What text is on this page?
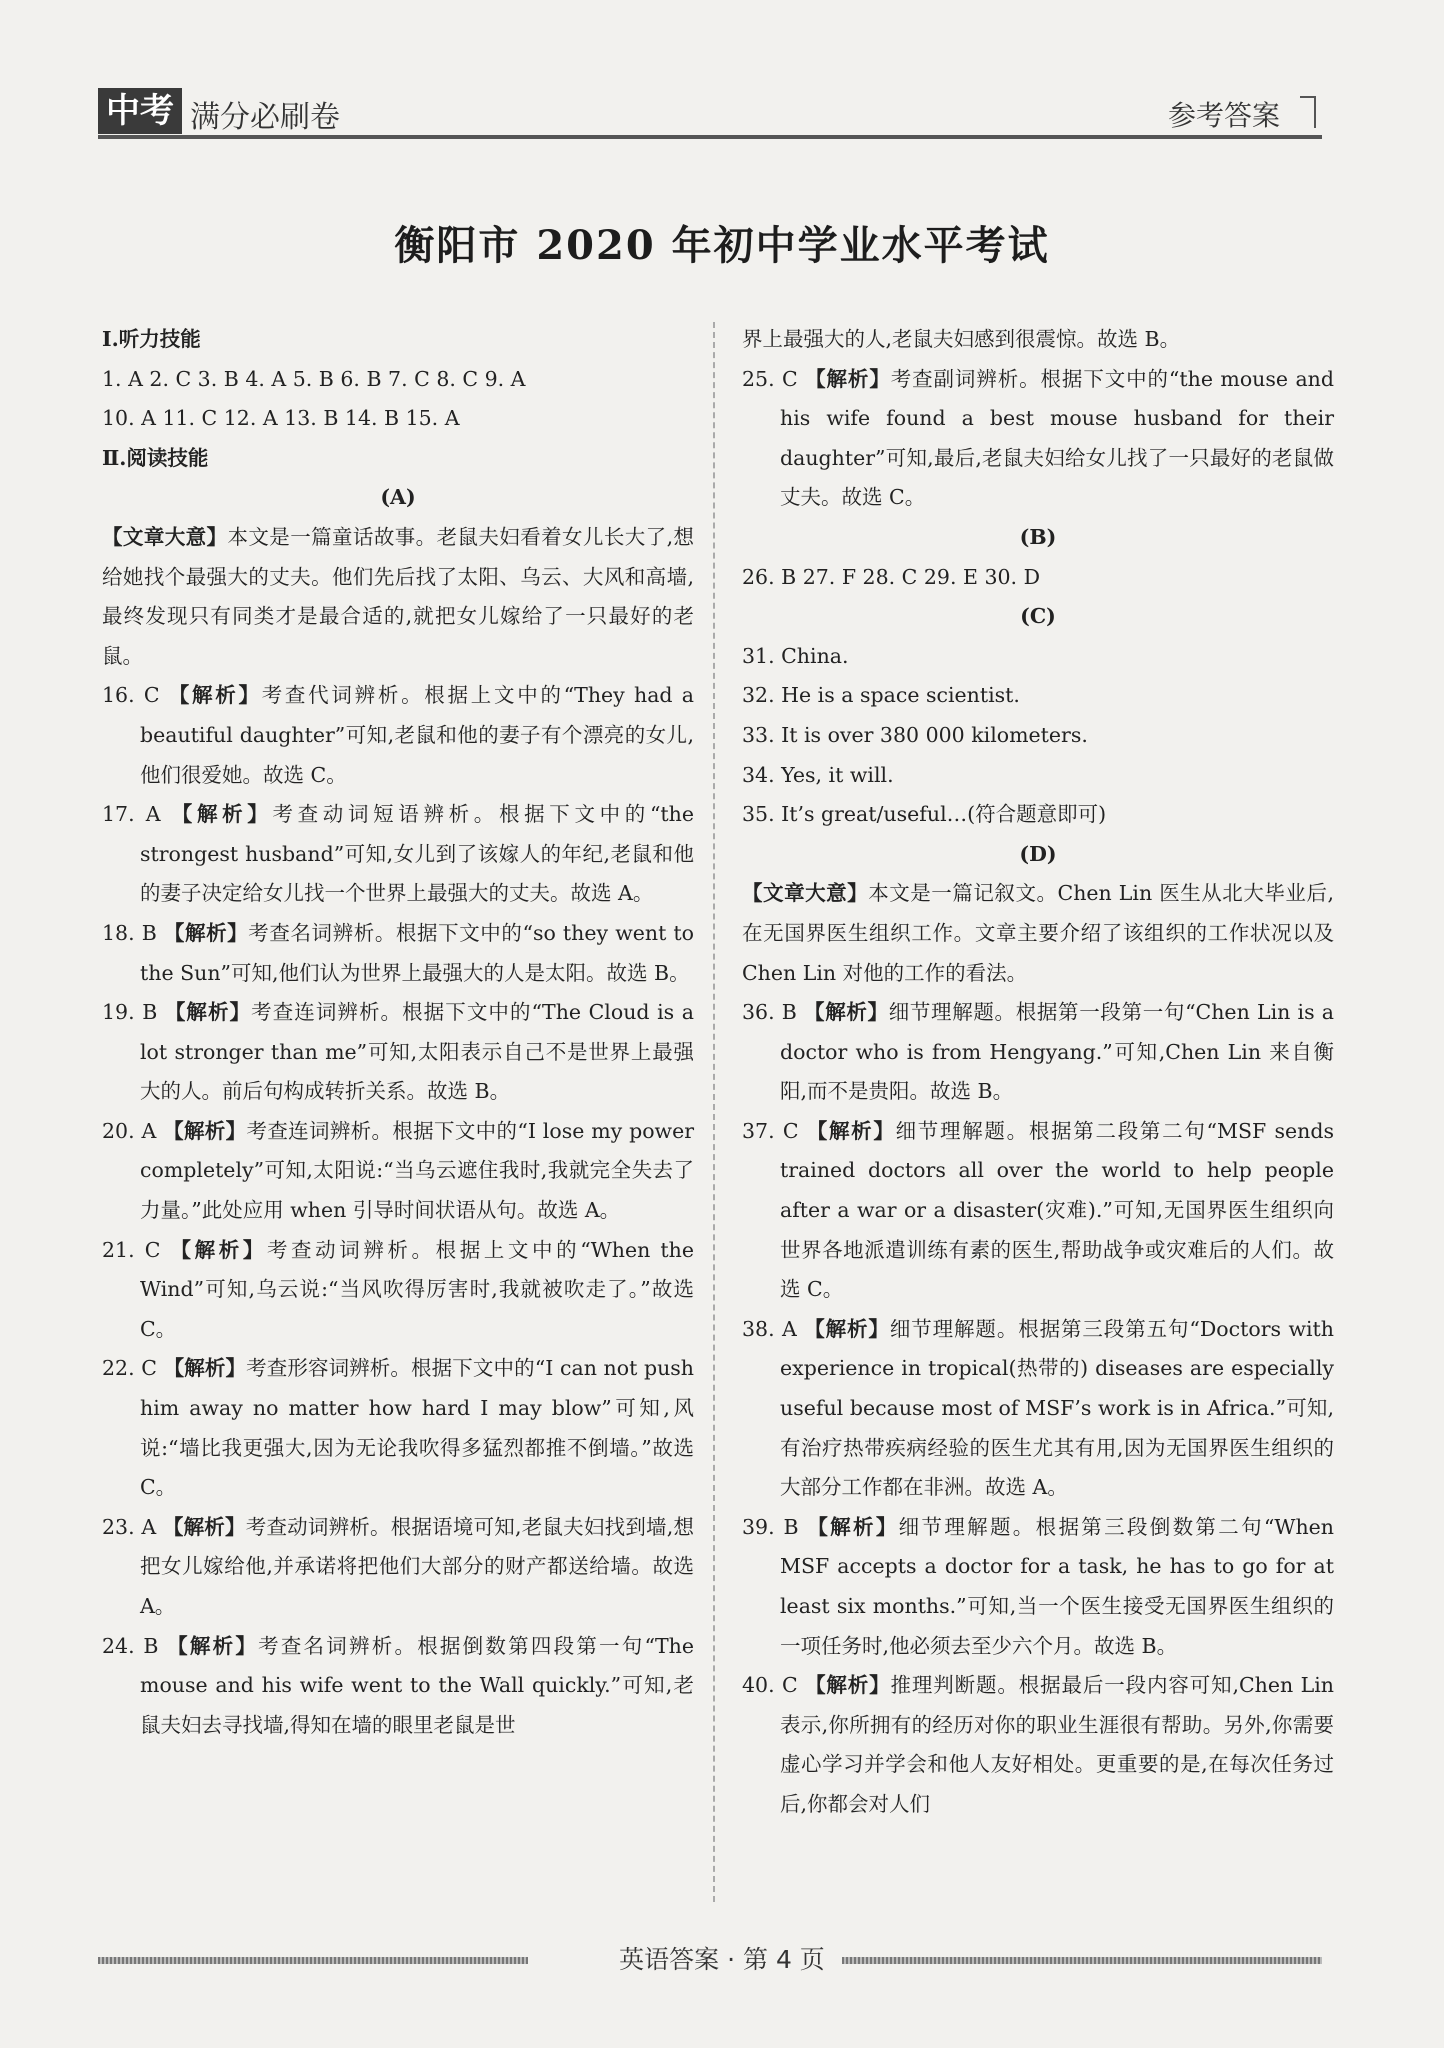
中考 满分必刷卷	参考答案
衡阳市 2020 年初中学业水平考试

Ⅰ.听力技能

1. A 2. C 3. B 4. A 5. B 6. B 7. C 8. C 9. A

10. A 11. C 12. A 13. B 14. B 15. A

Ⅱ.阅读技能

(A)

【文章大意】本文是一篇童话故事。老鼠夫妇看着女儿长大了,想给她找个最强大的丈夫。他们先后找了太阳、乌云、大风和高墙,最终发现只有同类才是最合适的,就把女儿嫁给了一只最好的老鼠。

16. C 【解析】考查代词辨析。根据上文中的“They had a beautiful daughter”可知,老鼠和他的妻子有个漂亮的女儿,他们很爱她。故选 C。

17. A 【解析】考查动词短语辨析。根据下文中的“the strongest husband”可知,女儿到了该嫁人的年纪,老鼠和他的妻子决定给女儿找一个世界上最强大的丈夫。故选 A。

18. B 【解析】考查名词辨析。根据下文中的“so they went to the Sun”可知,他们认为世界上最强大的人是太阳。故选 B。

19. B 【解析】考查连词辨析。根据下文中的“The Cloud is a lot stronger than me”可知,太阳表示自己不是世界上最强大的人。前后句构成转折关系。故选 B。

20. A 【解析】考查连词辨析。根据下文中的“I lose my power completely”可知,太阳说:“当乌云遮住我时,我就完全失去了力量。”此处应用 when 引导时间状语从句。故选 A。

21. C 【解析】考查动词辨析。根据上文中的“When the Wind”可知,乌云说:“当风吹得厉害时,我就被吹走了。”故选 C。

22. C 【解析】考查形容词辨析。根据下文中的“I can not push him away no matter how hard I may blow”可知,风说:“墙比我更强大,因为无论我吹得多猛烈都推不倒墙。”故选 C。

23. A 【解析】考查动词辨析。根据语境可知,老鼠夫妇找到墙,想把女儿嫁给他,并承诺将把他们大部分的财产都送给墙。故选 A。

24. B 【解析】考查名词辨析。根据倒数第四段第一句“The mouse and his wife went to the Wall quickly.”可知,老鼠夫妇去寻找墙,得知在墙的眼里老鼠是世

界上最强大的人,老鼠夫妇感到很震惊。故选 B。

25. C 【解析】考查副词辨析。根据下文中的“the mouse and his wife found a best mouse husband for their daughter”可知,最后,老鼠夫妇给女儿找了一只最好的老鼠做丈夫。故选 C。

(B)

26. B 27. F 28. C 29. E 30. D

(C)

31. China.

32. He is a space scientist.

33. It is over 380 000 kilometers.

34. Yes, it will.

35. It’s great/useful…(符合题意即可)

(D)

【文章大意】本文是一篇记叙文。Chen Lin 医生从北大毕业后,在无国界医生组织工作。文章主要介绍了该组织的工作状况以及 Chen Lin 对他的工作的看法。

36. B 【解析】细节理解题。根据第一段第一句“Chen Lin is a doctor who is from Hengyang.”可知,Chen Lin 来自衡阳,而不是贵阳。故选 B。

37. C 【解析】细节理解题。根据第二段第二句“MSF sends trained doctors all over the world to help people after a war or a disaster(灾难).”可知,无国界医生组织向世界各地派遣训练有素的医生,帮助战争或灾难后的人们。故选 C。

38. A 【解析】细节理解题。根据第三段第五句“Doctors with experience in tropical(热带的) diseases are especially useful because most of MSF’s work is in Africa.”可知,有治疗热带疾病经验的医生尤其有用,因为无国界医生组织的大部分工作都在非洲。故选 A。

39. B 【解析】细节理解题。根据第三段倒数第二句“When MSF accepts a doctor for a task, he has to go for at least six months.”可知,当一个医生接受无国界医生组织的一项任务时,他必须去至少六个月。故选 B。

40. C 【解析】推理判断题。根据最后一段内容可知,Chen Lin 表示,你所拥有的经历对你的职业生涯很有帮助。另外,你需要虚心学习并学会和他人友好相处。更重要的是,在每次任务过后,你都会对人们

英语答案 · 第 4 页
